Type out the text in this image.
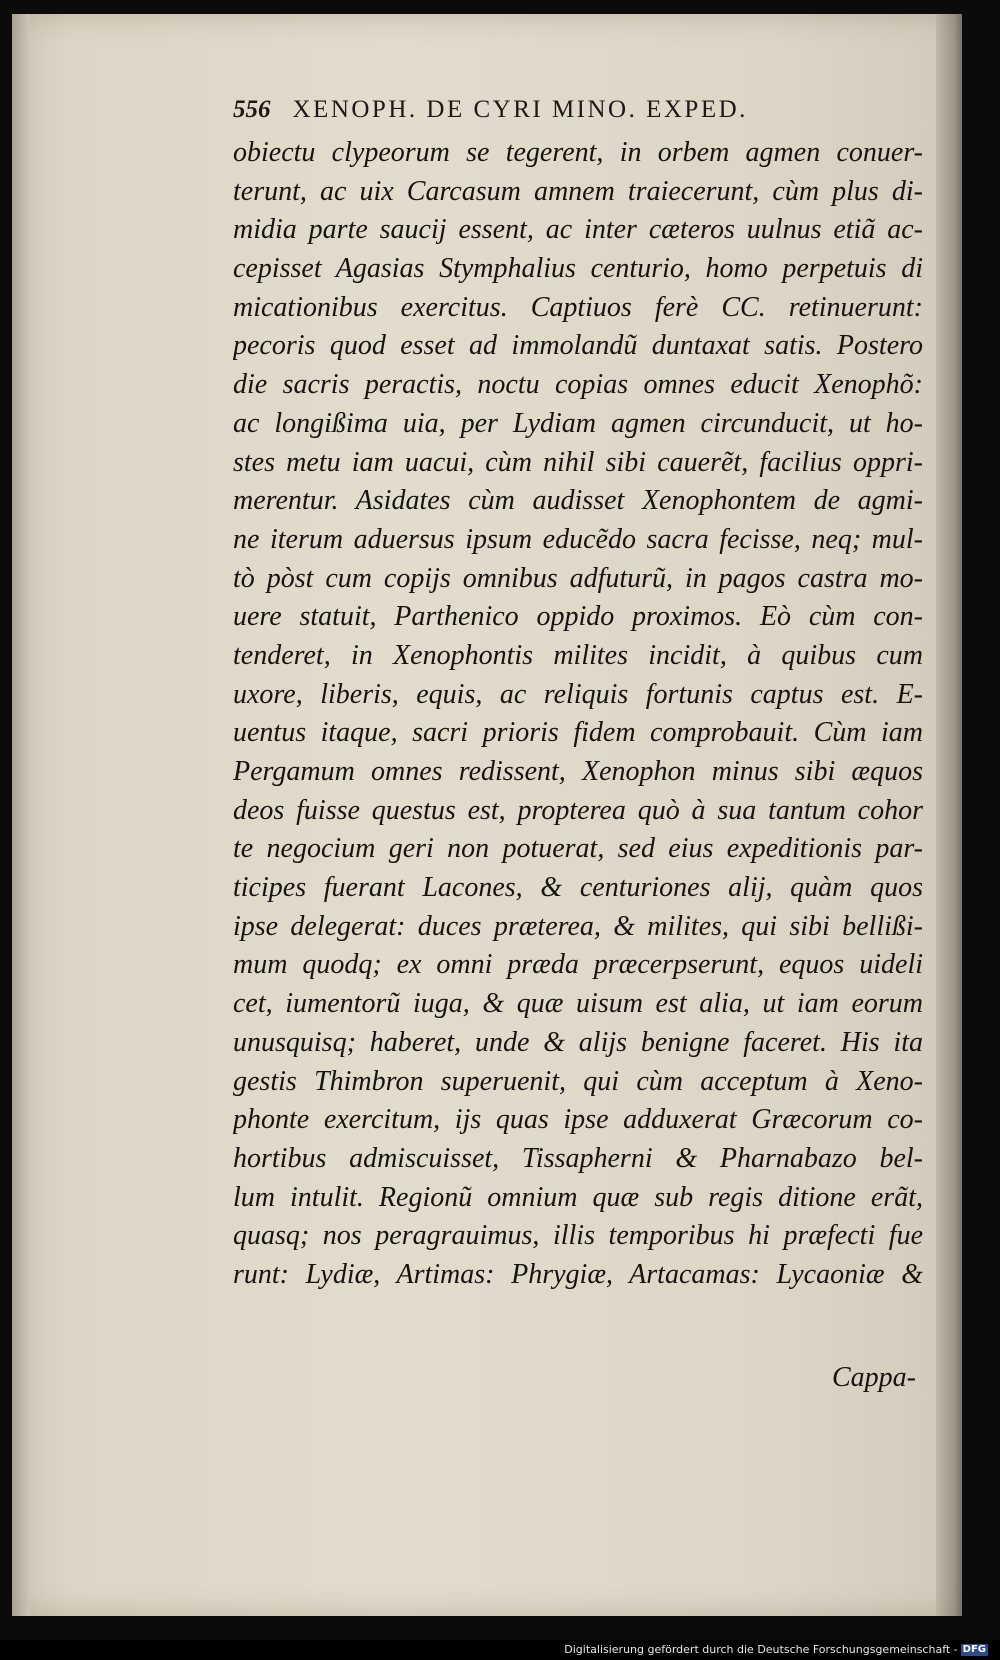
556 XENOPH. DE CYRI MINO. EXPED.
obiectu clypeorum se tegerent, in orbem agmen conuer-
terunt, ac uix Carcasum amnem traiecerunt, cùm plus di-
midia parte saucij essent, ac inter cæteros uulnus etiã ac-
cepisset Agasias Stymphalius centurio, homo perpetuis di
micationibus exercitus. Captiuos ferè CC. retinuerunt:
pecoris quod esset ad immolandũ duntaxat satis. Postero
die sacris peractis, noctu copias omnes educit Xenophõ:
ac longißima uia, per Lydiam agmen circunducit, ut ho-
stes metu iam uacui, cùm nihil sibi cauerẽt, facilius oppri-
merentur. Asidates cùm audisset Xenophontem de agmi-
ne iterum aduersus ipsum educẽdo sacra fecisse, neq; mul-
tò pòst cum copijs omnibus adfuturũ, in pagos castra mo-
uere statuit, Parthenico oppido proximos. Eò cùm con-
tenderet, in Xenophontis milites incidit, à quibus cum
uxore, liberis, equis, ac reliquis fortunis captus est. E-
uentus itaque, sacri prioris fidem comprobauit. Cùm iam
Pergamum omnes redissent, Xenophon minus sibi æquos
deos fuisse questus est, propterea quò à sua tantum cohor
te negocium geri non potuerat, sed eius expeditionis par-
ticipes fuerant Lacones, & centuriones alij, quàm quos
ipse delegerat: duces præterea, & milites, qui sibi bellißi-
mum quodq; ex omni præda præcerpserunt, equos uideli
cet, iumentorũ iuga, & quæ uisum est alia, ut iam eorum
unusquisq; haberet, unde & alijs benigne faceret. His ita
gestis Thimbron superuenit, qui cùm acceptum à Xeno-
phonte exercitum, ijs quas ipse adduxerat Græcorum co-
hortibus admiscuisset, Tissapherni & Pharnabazo bel-
lum intulit. Regionũ omnium quæ sub regis ditione erãt,
quasq; nos peragrauimus, illis temporibus hi præfecti fue
runt: Lydiæ, Artimas: Phrygiæ, Artacamas: Lycaoniæ &
Cappa-
Digitalisierung gefördert durch die Deutsche Forschungsgemeinschaft - DFG
